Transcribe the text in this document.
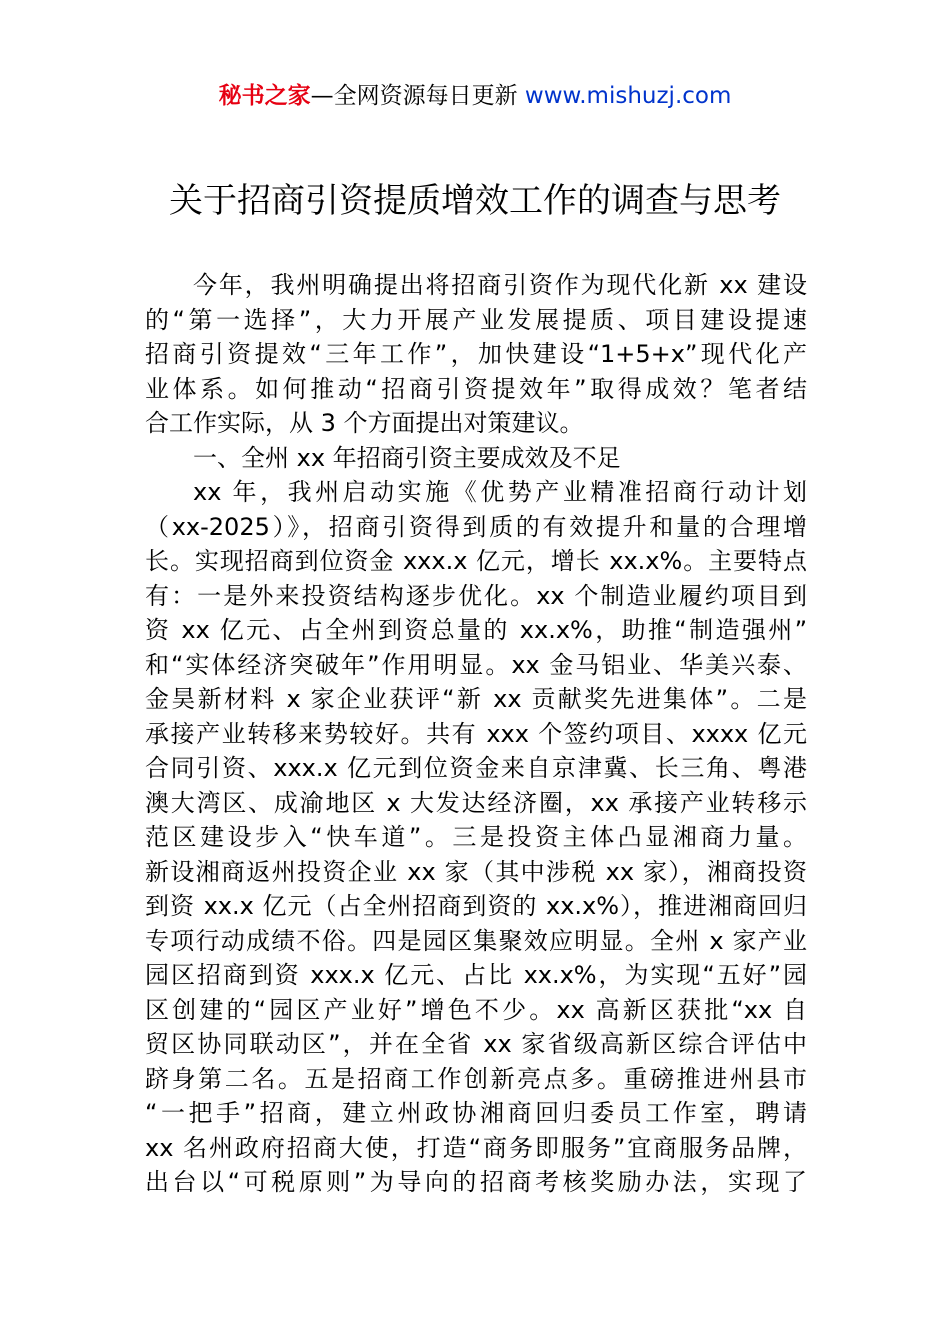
秘书之家—全网资源每日更新 www.mishuzj.com
关于招商引资提质增效工作的调查与思考
今年，我州明确提出将招商引资作为现代化新 xx 建设
的“第一选择”，大力开展产业发展提质、项目建设提速
招商引资提效“三年工作”，加快建设“1+5+x”现代化产
业体系。如何推动“招商引资提效年”取得成效？笔者结
合工作实际，从 3 个方面提出对策建议。
一、全州 xx 年招商引资主要成效及不足
xx 年，我州启动实施《优势产业精准招商行动计划
（xx-2025）》，招商引资得到质的有效提升和量的合理增
长。实现招商到位资金 xxx.x 亿元，增长 xx.x%。主要特点
有：一是外来投资结构逐步优化。xx 个制造业履约项目到
资 xx 亿元、占全州到资总量的 xx.x%，助推“制造强州”
和“实体经济突破年”作用明显。xx 金马铝业、华美兴泰、
金昊新材料 x 家企业获评“新 xx 贡献奖先进集体”。二是
承接产业转移来势较好。共有 xxx 个签约项目、xxxx 亿元
合同引资、xxx.x 亿元到位资金来自京津冀、长三角、粤港
澳大湾区、成渝地区 x 大发达经济圈，xx 承接产业转移示
范区建设步入“快车道”。三是投资主体凸显湘商力量。
新设湘商返州投资企业 xx 家（其中涉税 xx 家），湘商投资
到资 xx.x 亿元（占全州招商到资的 xx.x%），推进湘商回归
专项行动成绩不俗。四是园区集聚效应明显。全州 x 家产业
园区招商到资 xxx.x 亿元、占比 xx.x%，为实现“五好”园
区创建的“园区产业好”增色不少。xx 高新区获批“xx 自
贸区协同联动区”，并在全省 xx 家省级高新区综合评估中
跻身第二名。五是招商工作创新亮点多。重磅推进州县市
“一把手”招商，建立州政协湘商回归委员工作室，聘请
xx 名州政府招商大使，打造“商务即服务”宜商服务品牌，
出台以“可税原则”为导向的招商考核奖励办法，实现了
